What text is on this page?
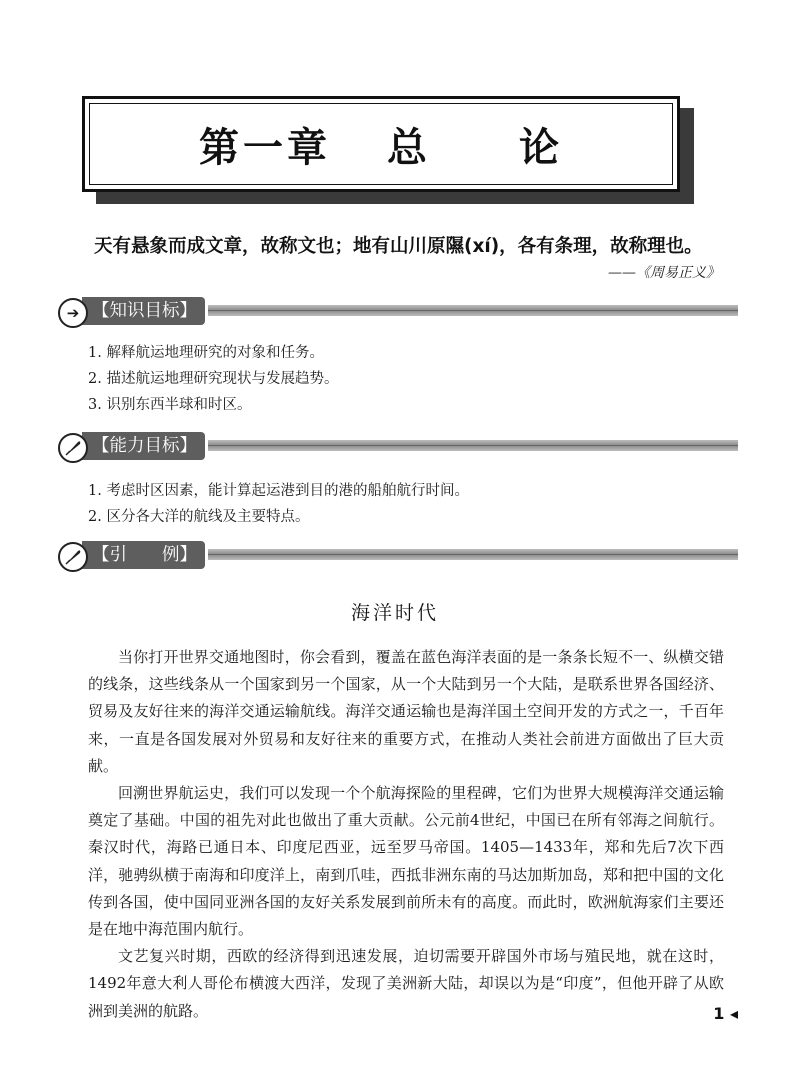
第一章 总 论
天有悬象而成文章，故称文也；地有山川原隰(xí)，各有条理，故称理也。
——《周易正义》
【知识目标】
➔
1. 解释航运地理研究的对象和任务。
2. 描述航运地理研究现状与发展趋势。
3. 识别东西半球和时区。
【能力目标】
1. 考虑时区因素，能计算起运港到目的港的船舶航行时间。
2. 区分各大洋的航线及主要特点。
【引　　例】
海洋时代

当你打开世界交通地图时，你会看到，覆盖在蓝色海洋表面的是一条条长短不一、纵横交错的线条，这些线条从一个国家到另一个国家，从一个大陆到另一个大陆，是联系世界各国经济、贸易及友好往来的海洋交通运输航线。海洋交通运输也是海洋国土空间开发的方式之一，千百年来，一直是各国发展对外贸易和友好往来的重要方式，在推动人类社会前进方面做出了巨大贡献。

回溯世界航运史，我们可以发现一个个航海探险的里程碑，它们为世界大规模海洋交通运输奠定了基础。中国的祖先对此也做出了重大贡献。公元前4世纪，中国已在所有邻海之间航行。秦汉时代，海路已通日本、印度尼西亚，远至罗马帝国。1405—1433年，郑和先后7次下西洋，驰骋纵横于南海和印度洋上，南到爪哇，西抵非洲东南的马达加斯加岛，郑和把中国的文化传到各国，使中国同亚洲各国的友好关系发展到前所未有的高度。而此时，欧洲航海家们主要还是在地中海范围内航行。

文艺复兴时期，西欧的经济得到迅速发展，迫切需要开辟国外市场与殖民地，就在这时，1492年意大利人哥伦布横渡大西洋，发现了美洲新大陆，却误以为是“印度”，但他开辟了从欧洲到美洲的航路。	1 ◂
